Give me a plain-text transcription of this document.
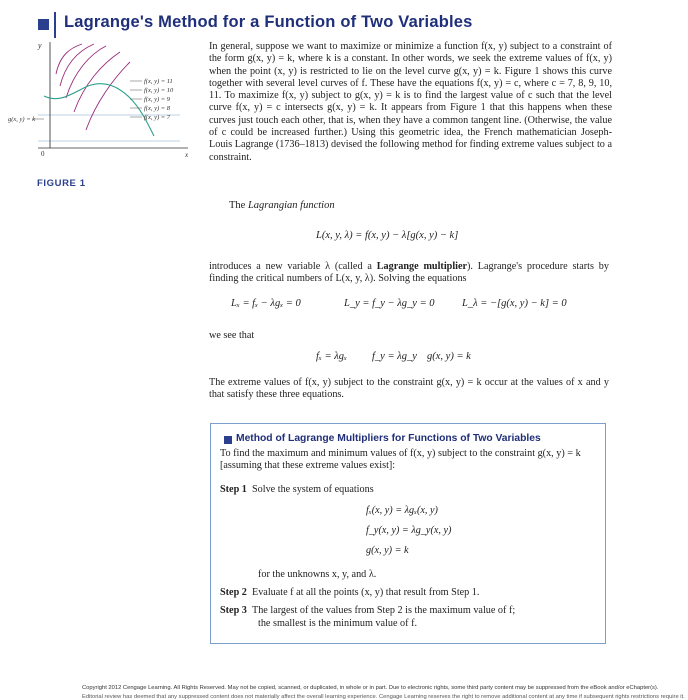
Lagrange's Method for a Function of Two Variables
y
x
0
g(x, y) = k
f(x, y) = 11
f(x, y) = 10
f(x, y) = 9
f(x, y) = 8
f(x, y) = 7
FIGURE 1

In general, suppose we want to maximize or minimize a function f(x, y) subject to a constraint of the form g(x, y) = k, where k is a constant. In other words, we seek the extreme values of f(x, y) when the point (x, y) is restricted to lie on the level curve g(x, y) = k. Figure 1 shows this curve together with several level curves of f. These have the equations f(x, y) = c, where c = 7, 8, 9, 10, 11. To maximize f(x, y) subject to g(x, y) = k is to find the largest value of c such that the level curve f(x, y) = c intersects g(x, y) = k. It appears from Figure 1 that this happens when these curves just touch each other, that is, when they have a common tangent line. (Otherwise, the value of c could be increased further.) Using this geometric idea, the French mathematician Joseph-Louis Lagrange (1736–1813) devised the following method for finding extreme values subject to a constraint.

The Lagrangian function
L(x, y, λ) = f(x, y) − λ[g(x, y) − k]
introduces a new variable λ (called a Lagrange multiplier). Lagrange's procedure starts by finding the critical numbers of L(x, y, λ). Solving the equations
Lₓ = fₓ − λgₓ = 0	L_y = f_y − λg_y = 0	L_λ = −[g(x, y) − k] = 0
we see that
fₓ = λgₓ f_y = λg_y g(x, y) = k
The extreme values of f(x, y) subject to the constraint g(x, y) = k occur at the values of x and y that satisfy these three equations.
Method of Lagrange Multipliers for Functions of Two Variables
To find the maximum and minimum values of f(x, y) subject to the constraint g(x, y) = k [assuming that these extreme values exist]:
Step 1 Solve the system of equations
fₓ(x, y) = λgₓ(x, y)
f_y(x, y) = λg_y(x, y)
g(x, y) = k
for the unknowns x, y, and λ.
Step 2 Evaluate f at all the points (x, y) that result from Step 1.
Step 3 The largest of the values from Step 2 is the maximum value of f;
the smallest is the minimum value of f.
Copyright 2012 Cengage Learning. All Rights Reserved. May not be copied, scanned, or duplicated, in whole or in part. Due to electronic rights, some third party content may be suppressed from the eBook and/or eChapter(s).
Editorial review has deemed that any suppressed content does not materially affect the overall learning experience. Cengage Learning reserves the right to remove additional content at any time if subsequent rights restrictions require it.
